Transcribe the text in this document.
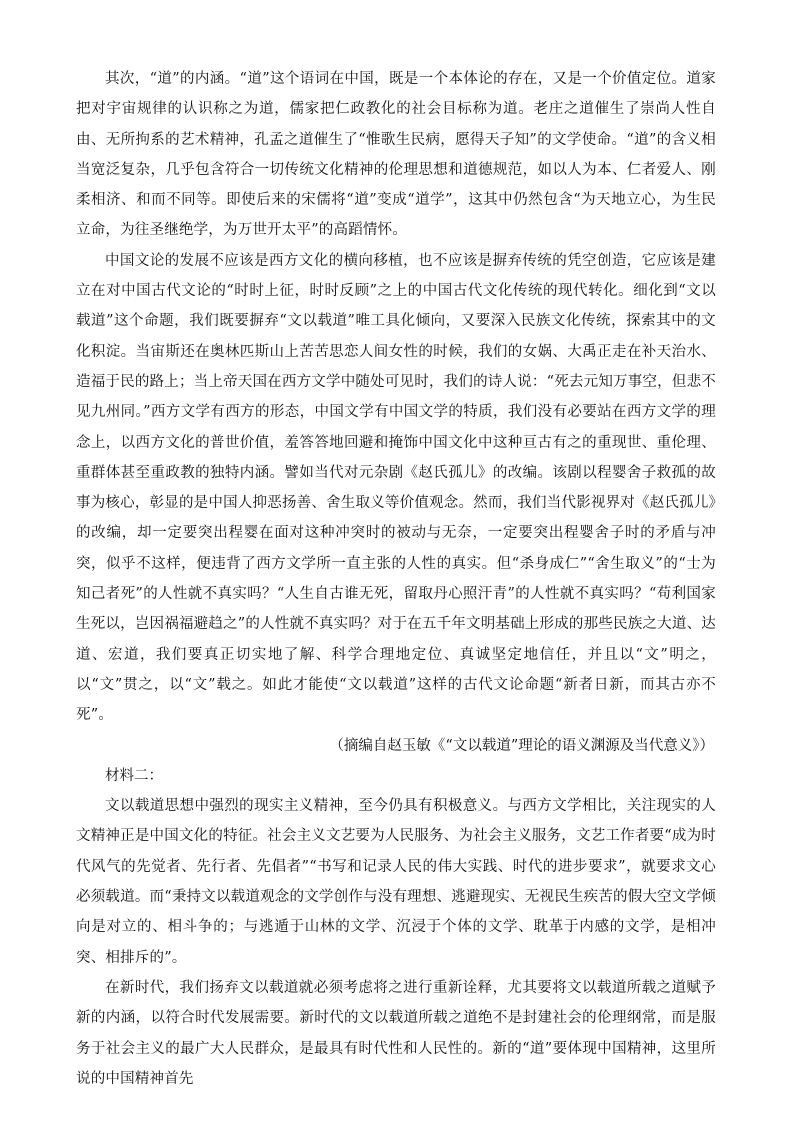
其次，“道”的内涵。“道”这个语词在中国，既是一个本体论的存在，又是一个价值定位。道家把对宇宙规律的认识称之为道，儒家把仁政教化的社会目标称为道。老庄之道催生了崇尚人性自由、无所拘系的艺术精神，孔孟之道催生了“惟歌生民病，愿得天子知”的文学使命。“道”的含义相当宽泛复杂，几乎包含符合一切传统文化精神的伦理思想和道德规范，如以人为本、仁者爱人、刚柔相济、和而不同等。即使后来的宋儒将“道”变成“道学”，这其中仍然包含“为天地立心，为生民立命，为往圣继绝学，为万世开太平”的高蹈情怀。

中国文论的发展不应该是西方文化的横向移植，也不应该是摒弃传统的凭空创造，它应该是建立在对中国古代文论的“时时上征，时时反顾”之上的中国古代文化传统的现代转化。细化到“文以载道”这个命题，我们既要摒弃“文以载道”唯工具化倾向，又要深入民族文化传统，探索其中的文化积淀。当宙斯还在奥林匹斯山上苦苦思恋人间女性的时候，我们的女娲、大禹正走在补天治水、造福于民的路上；当上帝天国在西方文学中随处可见时，我们的诗人说：“死去元知万事空，但悲不见九州同。”西方文学有西方的形态，中国文学有中国文学的特质，我们没有必要站在西方文学的理念上，以西方文化的普世价值，羞答答地回避和掩饰中国文化中这种亘古有之的重现世、重伦理、重群体甚至重政教的独特内涵。譬如当代对元杂剧《赵氏孤儿》的改编。该剧以程婴舍子救孤的故事为核心，彰显的是中国人抑恶扬善、舍生取义等价值观念。然而，我们当代影视界对《赵氏孤儿》的改编，却一定要突出程婴在面对这种冲突时的被动与无奈，一定要突出程婴舍子时的矛盾与冲突，似乎不这样，便违背了西方文学所一直主张的人性的真实。但“杀身成仁”“舍生取义”的“士为知己者死”的人性就不真实吗？“人生自古谁无死，留取丹心照汗青”的人性就不真实吗？“苟利国家生死以，岂因祸福避趋之”的人性就不真实吗？对于在五千年文明基础上形成的那些民族之大道、达道、宏道，我们要真正切实地了解、科学合理地定位、真诚坚定地信任，并且以“文”明之，以“文”贯之，以“文”载之。如此才能使“文以载道”这样的古代文论命题“新者日新，而其古亦不死”。

（摘编自赵玉敏《“文以载道”理论的语义渊源及当代意义》）

材料二：

文以载道思想中强烈的现实主义精神，至今仍具有积极意义。与西方文学相比，关注现实的人文精神正是中国文化的特征。社会主义文艺要为人民服务、为社会主义服务，文艺工作者要“成为时代风气的先觉者、先行者、先倡者”“书写和记录人民的伟大实践、时代的进步要求”，就要求文心必须载道。而“秉持文以载道观念的文学创作与没有理想、逃避现实、无视民生疾苦的假大空文学倾向是对立的、相斗争的；与逃遁于山林的文学、沉浸于个体的文学、耽革于内感的文学，是相冲突、相排斥的”。

在新时代，我们扬弃文以载道就必须考虑将之进行重新诠释，尤其要将文以载道所载之道赋予新的内涵，以符合时代发展需要。新时代的文以载道所载之道绝不是封建社会的伦理纲常，而是服务于社会主义的最广大人民群众，是最具有时代性和人民性的。新的“道”要体现中国精神，这里所说的中国精神首先
